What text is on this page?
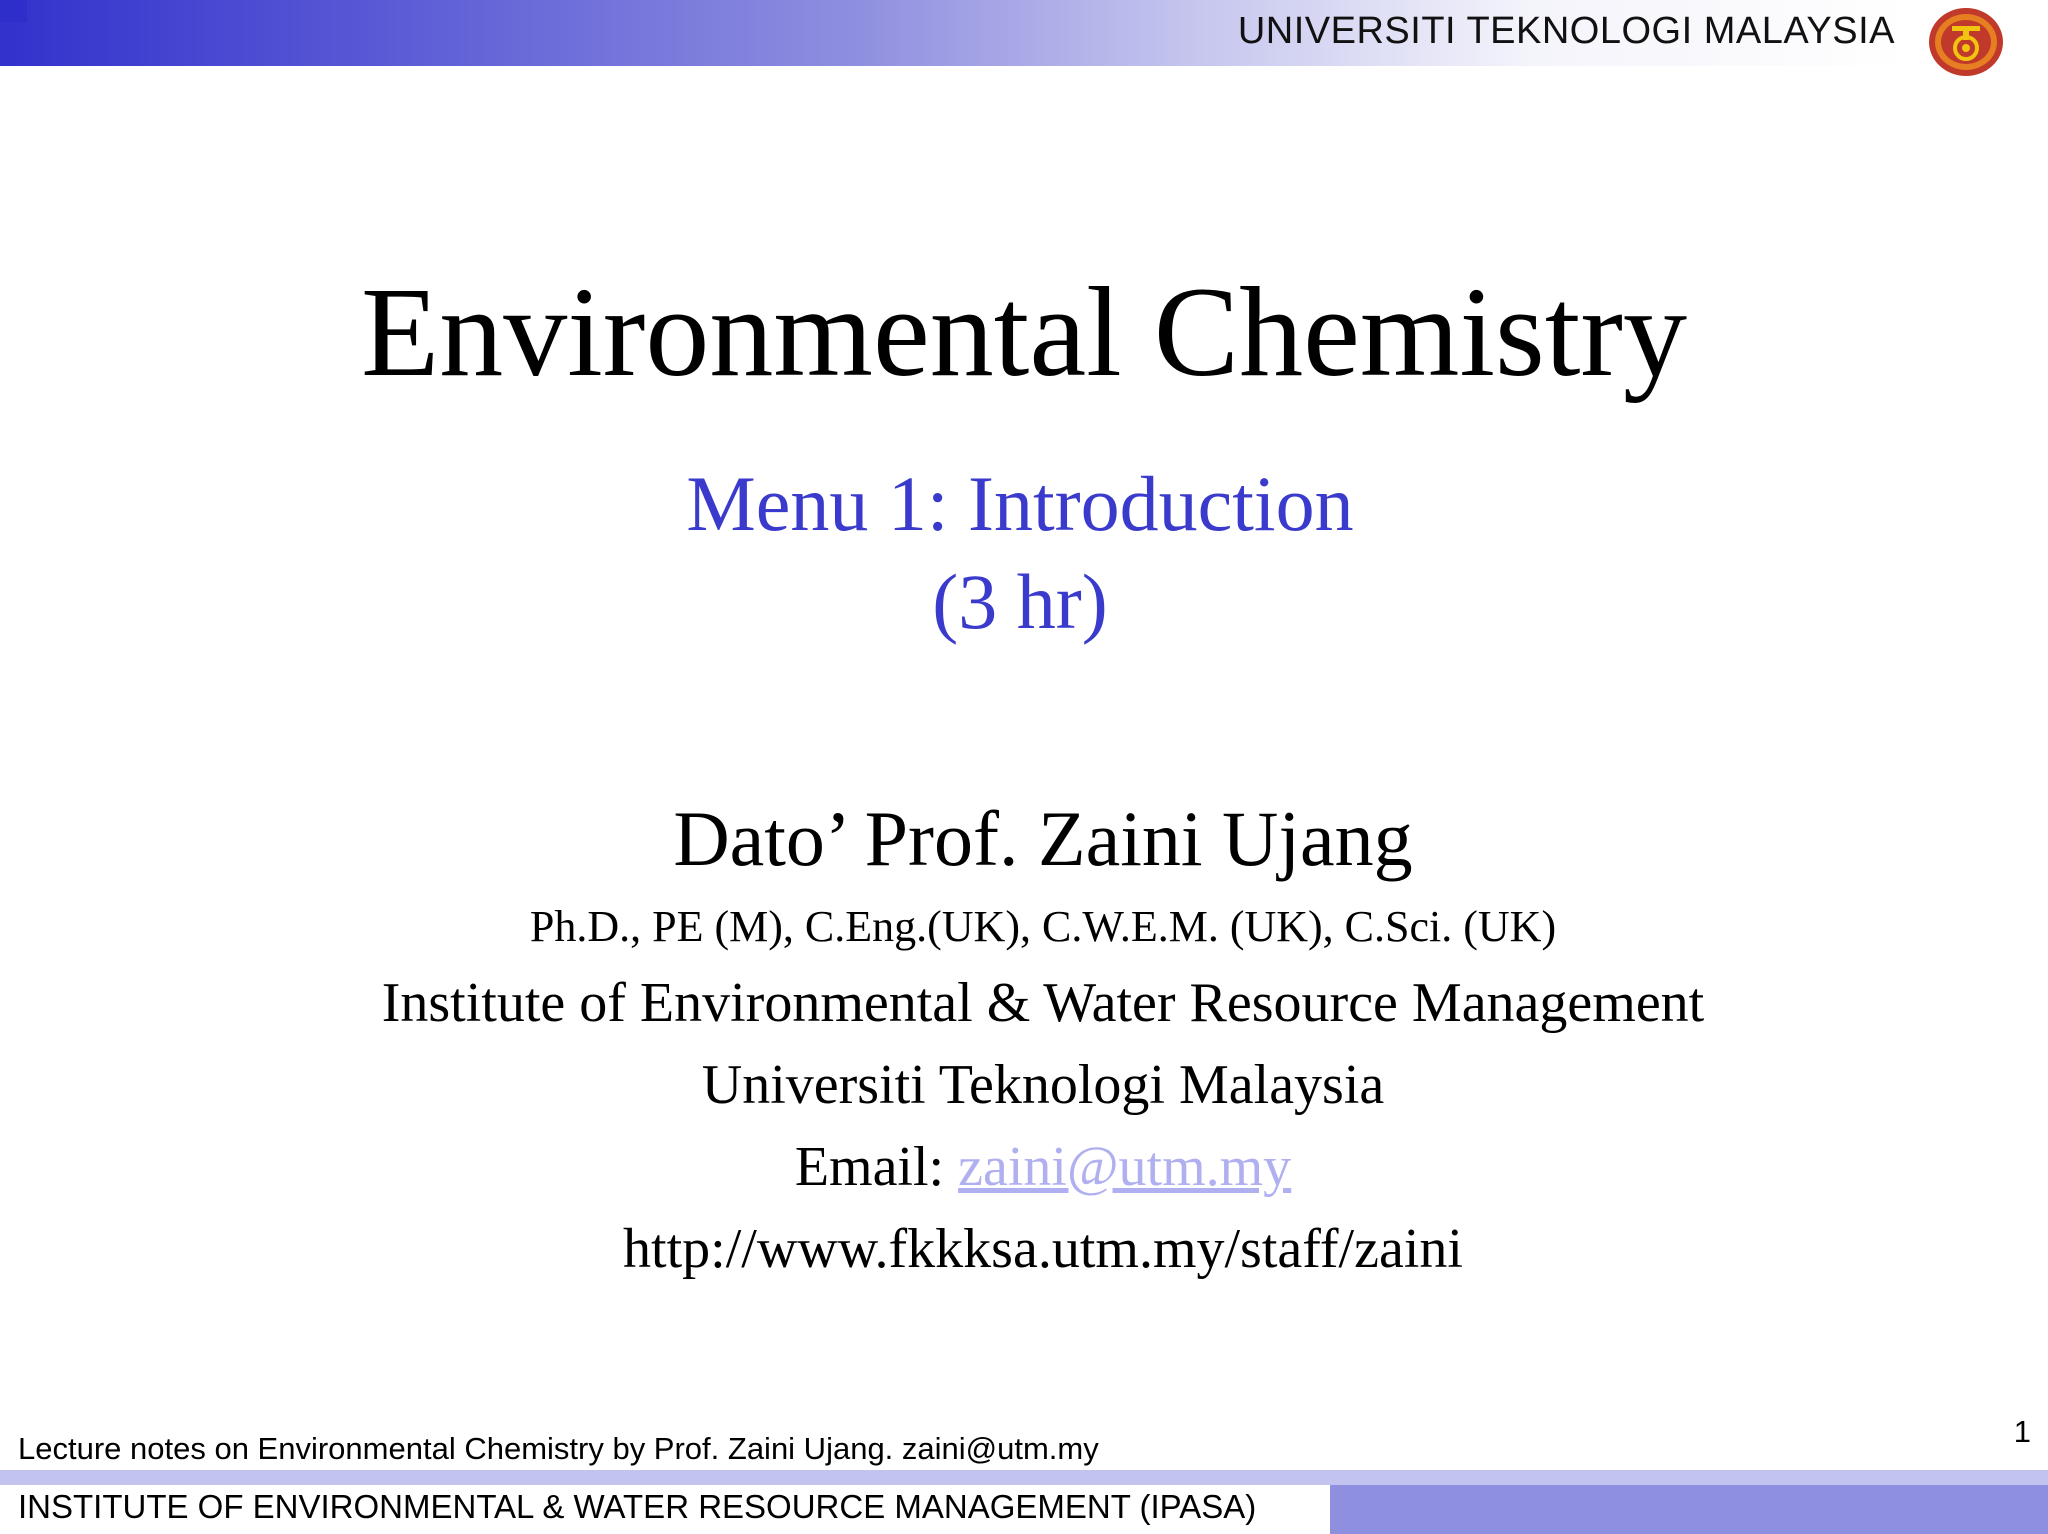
UNIVERSITI TEKNOLOGI MALAYSIA
Environmental Chemistry
Menu 1: Introduction
(3 hr)
Dato’ Prof. Zaini Ujang
Ph.D., PE (M), C.Eng.(UK), C.W.E.M. (UK), C.Sci. (UK)
Institute of Environmental & Water Resource Management
Universiti Teknologi Malaysia
Email: zaini@utm.my
http://www.fkkksa.utm.my/staff/zaini
Lecture notes on Environmental Chemistry by Prof. Zaini Ujang. zaini@utm.my	1
INSTITUTE OF ENVIRONMENTAL & WATER RESOURCE MANAGEMENT (IPASA)
